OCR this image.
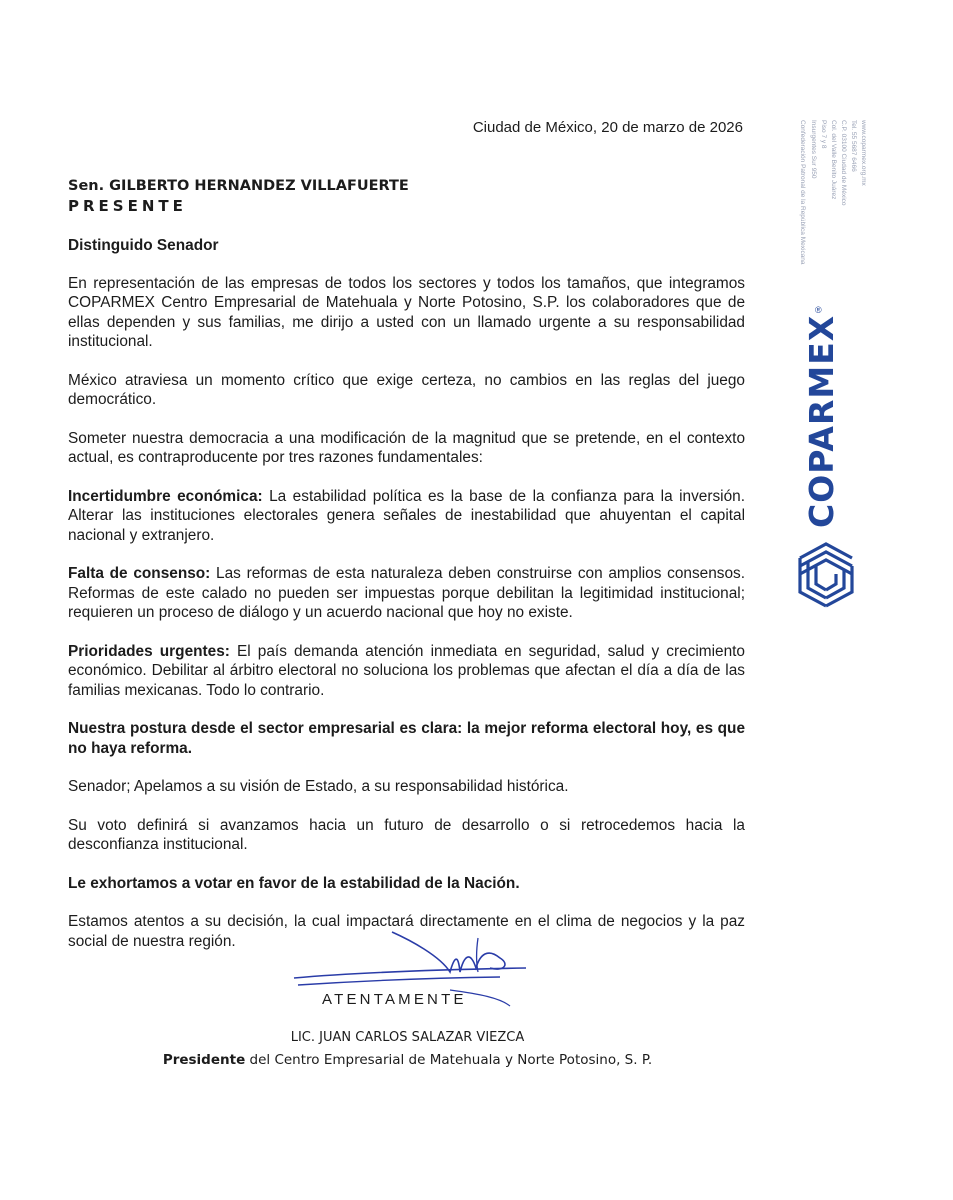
Ciudad de México, 20 de marzo de 2026
Sen. GILBERTO HERNANDEZ VILLAFUERTE
PRESENTE

Distinguido Senador

En representación de las empresas de todos los sectores y todos los tamaños, que integramos COPARMEX Centro Empresarial de Matehuala y Norte Potosino, S.P. los colaboradores que de ellas dependen y sus familias, me dirijo a usted con un llamado urgente a su responsabilidad institucional.

México atraviesa un momento crítico que exige certeza, no cambios en las reglas del juego democrático.

Someter nuestra democracia a una modificación de la magnitud que se pretende, en el contexto actual, es contraproducente por tres razones fundamentales:

Incertidumbre económica: La estabilidad política es la base de la confianza para la inversión. Alterar las instituciones electorales genera señales de inestabilidad que ahuyentan el capital nacional y extranjero.

Falta de consenso: Las reformas de esta naturaleza deben construirse con amplios consensos. Reformas de este calado no pueden ser impuestas porque debilitan la legitimidad institucional; requieren un proceso de diálogo y un acuerdo nacional que hoy no existe.

Prioridades urgentes: El país demanda atención inmediata en seguridad, salud y crecimiento económico. Debilitar al árbitro electoral no soluciona los problemas que afectan el día a día de las familias mexicanas. Todo lo contrario.

Nuestra postura desde el sector empresarial es clara: la mejor reforma electoral hoy, es que no haya reforma.

Senador; Apelamos a su visión de Estado, a su responsabilidad histórica.

Su voto definirá si avanzamos hacia un futuro de desarrollo o si retrocedemos hacia la desconfianza institucional.

Le exhortamos a votar en favor de la estabilidad de la Nación.

Estamos atentos a su decisión, la cual impactará directamente en el clima de negocios y la paz social de nuestra región.

ATENTAMENTE
LIC. JUAN CARLOS SALAZAR VIEZCA
Presidente del Centro Empresarial de Matehuala y Norte Potosino, S. P.
Confederación Patronal de la República Mexicana Insurgentes Sur 950 Piso 7 y 8 Col. del Valle Benito Juárez C.P. 03100 Ciudad de México Tel. 55 5687 6466 www.coparmex.org.mx
®
COPARMEX
